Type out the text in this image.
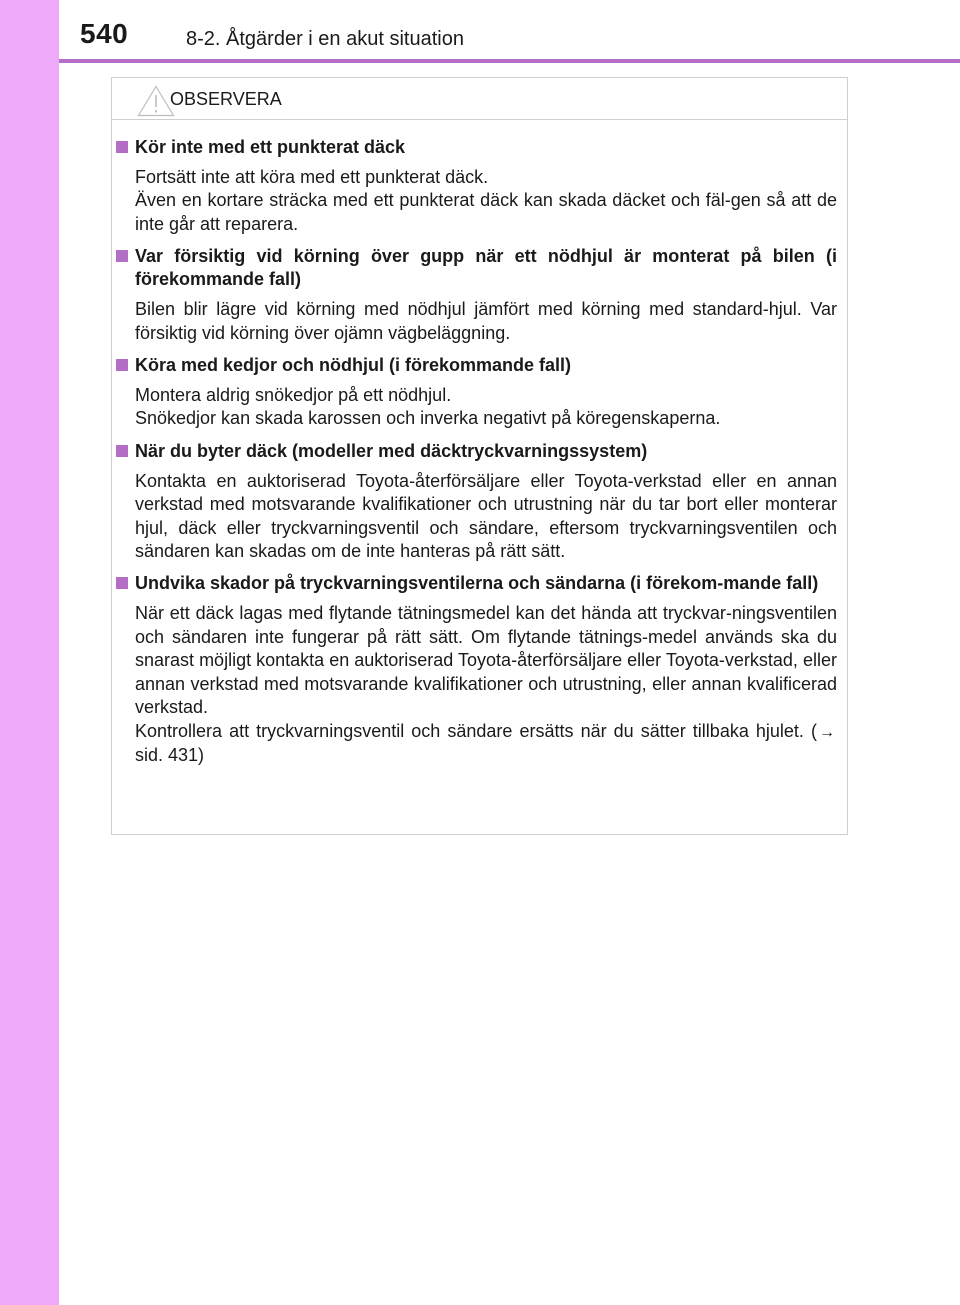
540	8-2. Åtgärder i en akut situation
OBSERVERA
Kör inte med ett punkterat däck

Fortsätt inte att köra med ett punkterat däck.

Även en kortare sträcka med ett punkterat däck kan skada däcket och fäl-gen så att de inte går att reparera.

Var försiktig vid körning över gupp när ett nödhjul är monterat på bilen (i förekommande fall)

Bilen blir lägre vid körning med nödhjul jämfört med körning med standard-hjul. Var försiktig vid körning över ojämn vägbeläggning.

Köra med kedjor och nödhjul (i förekommande fall)

Montera aldrig snökedjor på ett nödhjul.

Snökedjor kan skada karossen och inverka negativt på köregenskaperna.

När du byter däck (modeller med däcktryckvarningssystem)

Kontakta en auktoriserad Toyota-återförsäljare eller Toyota-verkstad eller en annan verkstad med motsvarande kvalifikationer och utrustning när du tar bort eller monterar hjul, däck eller tryckvarningsventil och sändare, eftersom tryckvarningsventilen och sändaren kan skadas om de inte hanteras på rätt sätt.

Undvika skador på tryckvarningsventilerna och sändarna (i förekom-mande fall)

När ett däck lagas med flytande tätningsmedel kan det hända att tryckvar-ningsventilen och sändaren inte fungerar på rätt sätt. Om flytande tätnings-medel används ska du snarast möjligt kontakta en auktoriserad Toyota-återförsäljare eller Toyota-verkstad, eller annan verkstad med motsvarande kvalifikationer och utrustning, eller annan kvalificerad verkstad.

Kontrollera att tryckvarningsventil och sändare ersätts när du sätter tillbaka hjulet. ( → sid. 431)
